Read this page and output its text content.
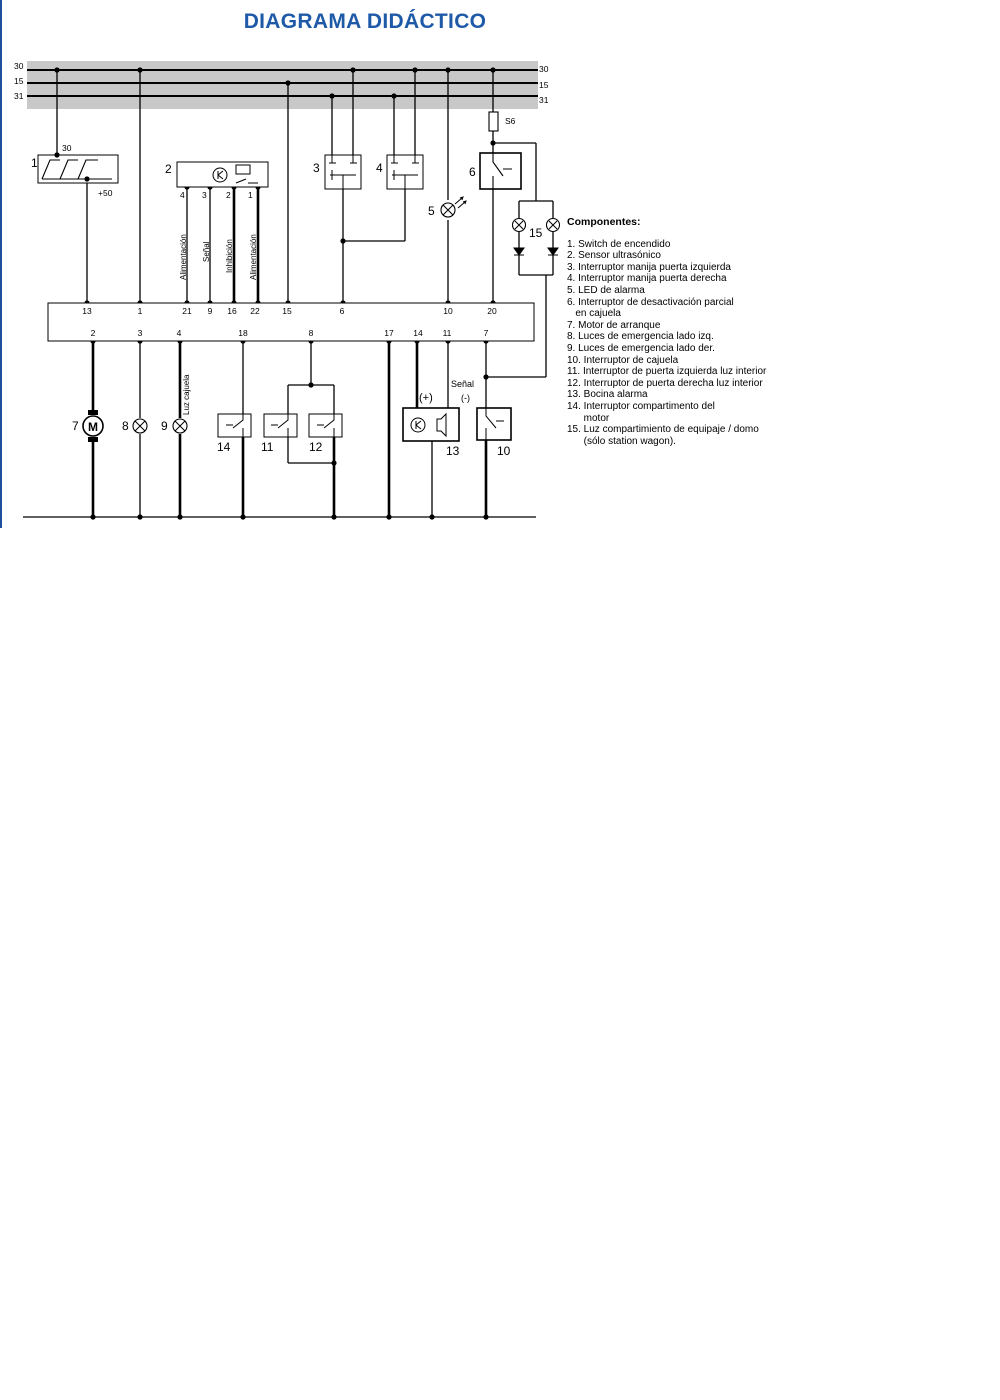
DIAGRAMA DIDÁCTICO
30
15
31
30
15
31
S6
1
30
+50
2
4 3 2 1
Alimentación Señal Inhibición Alimentación
Luz cajuela
3	4
5
6
15
13	1	21 9 16 22	15	6	10	20
2	3	4	18	8	17 14 11	7
M
7	8	9
14	11	12
(+)
Señal
(-)
13	10
Componentes:
1. Switch de encendido
2. Sensor ultrasónico
3. Interruptor manija puerta izquierda
4. Interruptor manija puerta derecha
5. LED de alarma
6. Interruptor de desactivación parcial
en cajuela
7. Motor de arranque
8. Luces de emergencia lado izq.
9. Luces de emergencia lado der.
10. Interruptor de cajuela
11. Interruptor de puerta izquierda luz interior
12. Interruptor de puerta derecha luz interior
13. Bocina alarma
14. Interruptor compartimento del
motor
15. Luz compartimiento de equipaje / domo
(sólo station wagon).
